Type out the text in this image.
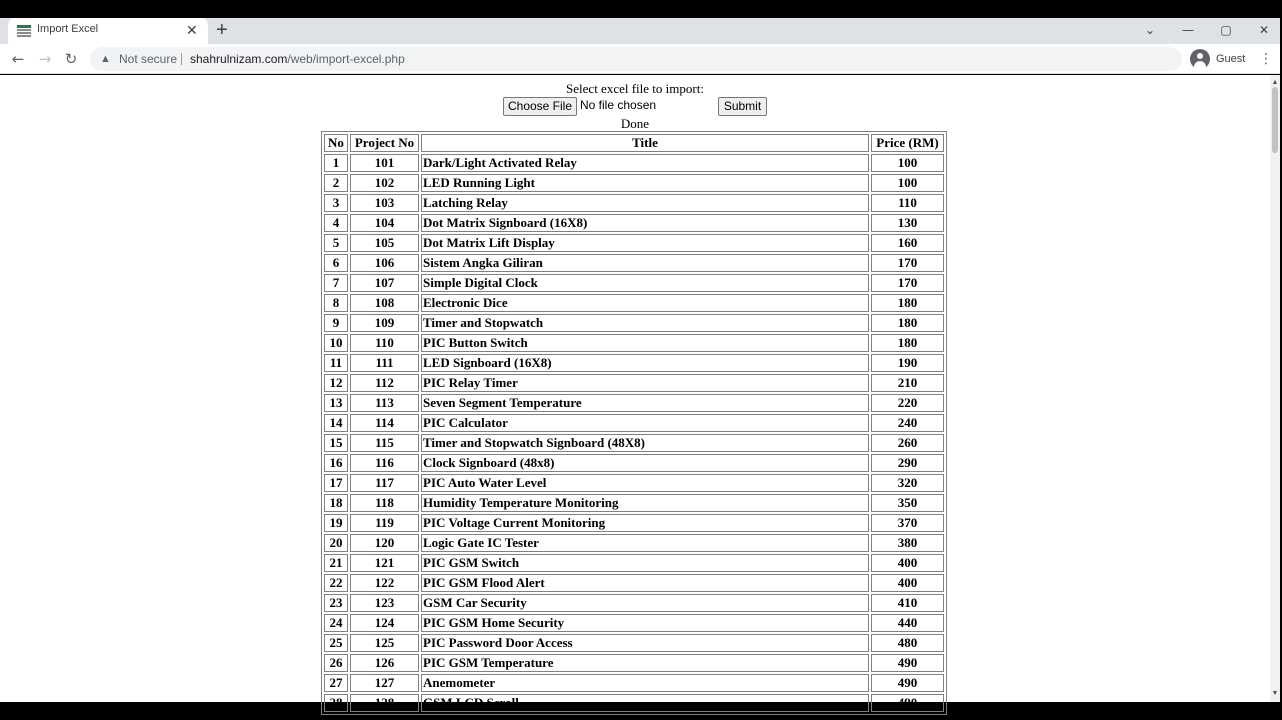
Import Excel	✕ +	⌄	—	▢	✕
← → ↻	▲ Not secure shahrulnizam.com/web/import-excel.php	Guest ⋮
Select excel file to import:
Choose File No file chosen	Submit
Done
No	Project No	Title	Price (RM)
1	101	Dark/Light Activated Relay	100
2	102	LED Running Light	100
3	103	Latching Relay	110
4	104	Dot Matrix Signboard (16X8)	130
5	105	Dot Matrix Lift Display	160
6	106	Sistem Angka Giliran	170
7	107	Simple Digital Clock	170
8	108	Electronic Dice	180
9	109	Timer and Stopwatch	180
10	110	PIC Button Switch	180
11	111	LED Signboard (16X8)	190
12	112	PIC Relay Timer	210
13	113	Seven Segment Temperature	220
14	114	PIC Calculator	240
15	115	Timer and Stopwatch Signboard (48X8)	260
16	116	Clock Signboard (48x8)	290
17	117	PIC Auto Water Level	320
18	118	Humidity Temperature Monitoring	350
19	119	PIC Voltage Current Monitoring	370
20	120	Logic Gate IC Tester	380
21	121	PIC GSM Switch	400
22	122	PIC GSM Flood Alert	400
23	123	GSM Car Security	410
24	124	PIC GSM Home Security	440
25	125	PIC Password Door Access	480
26	126	PIC GSM Temperature	490
27	127	Anemometer	490
28	128	GSM LCD Scroll	490
▲
▼
